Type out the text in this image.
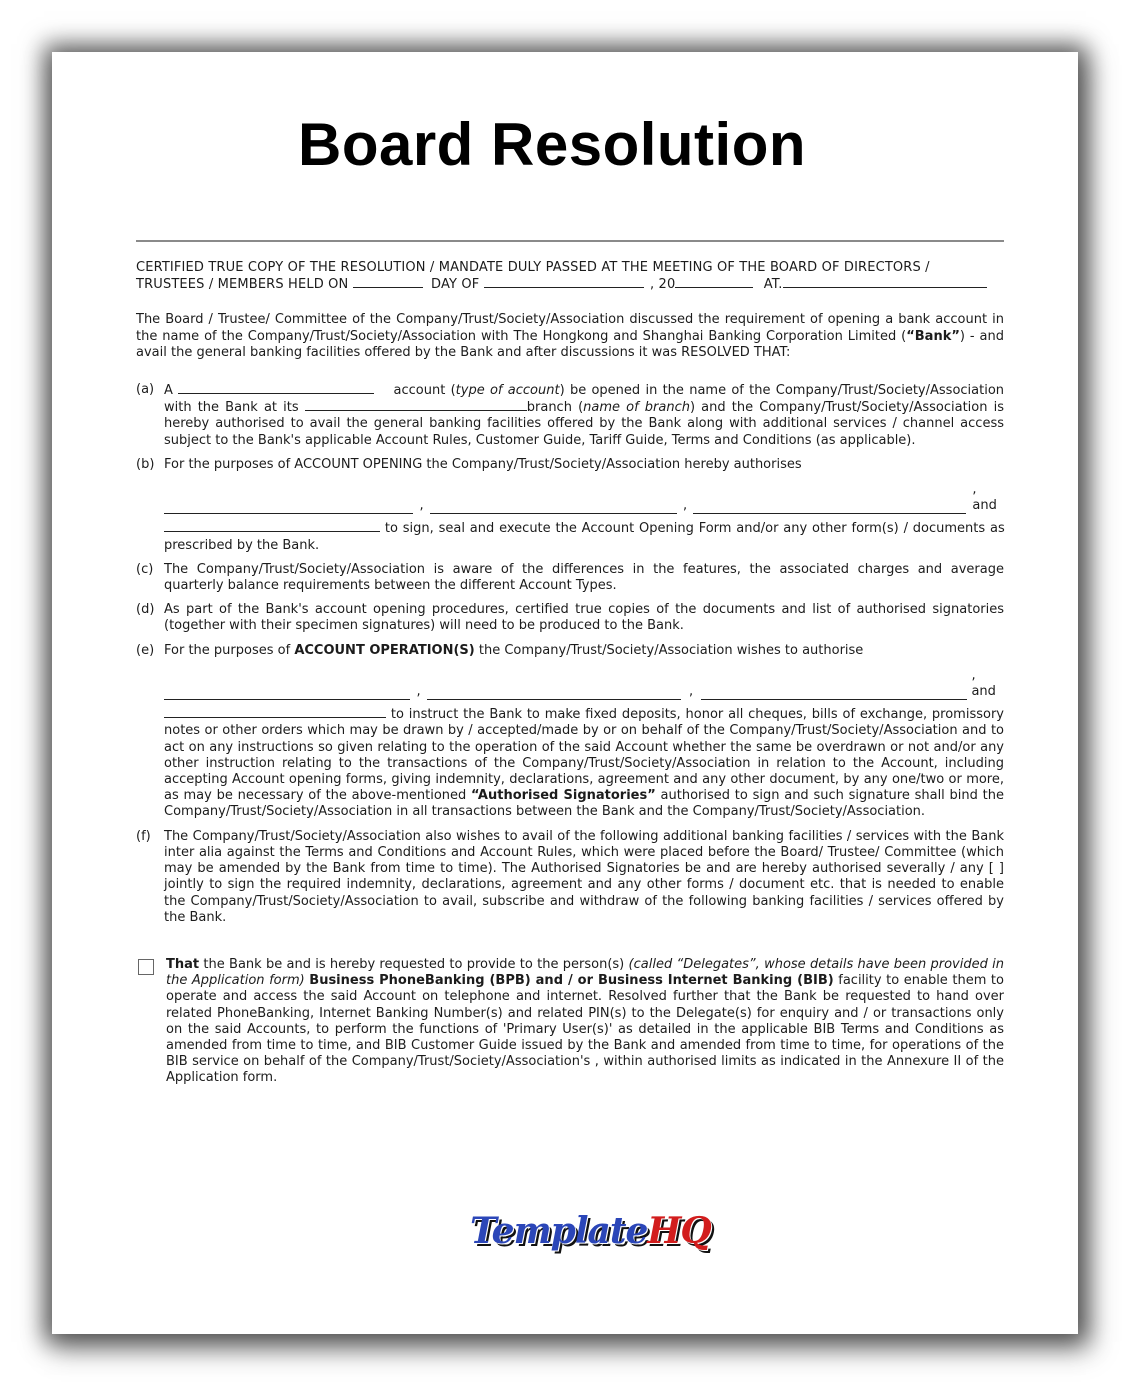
Board Resolution

CERTIFIED TRUE COPY OF THE RESOLUTION / MANDATE DULY PASSED AT THE MEETING OF THE BOARD OF DIRECTORS /

TRUSTEES / MEMBERS HELD ON	DAY OF	, 20	AT.

The Board / Trustee/ Committee of the Company/Trust/Society/Association discussed the requirement of opening a bank account in the name of the Company/Trust/Society/Association with The Hongkong and Shanghai Banking Corporation Limited (“Bank”) - and avail the general banking facilities offered by the Bank and after discussions it was RESOLVED THAT:

(a) A	account (type of account) be opened in the name of the Company/Trust/Society/Association with the Bank at its	branch (name of branch) and the Company/Trust/Society/Association is hereby authorised to avail the general banking facilities offered by the Bank along with additional services / channel access subject to the Bank's applicable Account Rules, Customer Guide, Tariff Guide, Terms and Conditions (as applicable).
(b) For the purposes of ACCOUNT OPENING the Company/Trust/Society/Association hereby authorises
,	,
, and
to sign, seal and execute the Account Opening Form and/or any other form(s) / documents as prescribed by the Bank.
(c) The Company/Trust/Society/Association is aware of the differences in the features, the associated charges and average quarterly balance requirements between the different Account Types.
(d) As part of the Bank's account opening procedures, certified true copies of the documents and list of authorised signatories (together with their specimen signatures) will need to be produced to the Bank.
(e) For the purposes of ACCOUNT OPERATION(S) the Company/Trust/Society/Association wishes to authorise
,	,
, and
to instruct the Bank to make fixed deposits, honor all cheques, bills of exchange, promissory notes or other orders which may be drawn by / accepted/made by or on behalf of the Company/Trust/Society/Association and to act on any instructions so given relating to the operation of the said Account whether the same be overdrawn or not and/or any other instruction relating to the transactions of the Company/Trust/Society/Association in relation to the Account, including accepting Account opening forms, giving indemnity, declarations, agreement and any other document, by any one/two or more, as may be necessary of the above-mentioned “Authorised Signatories” authorised to sign and such signature shall bind the Company/Trust/Society/Association in all transactions between the Bank and the Company/Trust/Society/Association.
(f)	The Company/Trust/Society/Association also wishes to avail of the following additional banking facilities / services with the Bank inter alia against the Terms and Conditions and Account Rules, which were placed before the Board/ Trustee/ Committee (which may be amended by the Bank from time to time). The Authorised Signatories be and are hereby authorised severally / any [ ] jointly to sign the required indemnity, declarations, agreement and any other forms / document etc. that is needed to enable the Company/Trust/Society/Association to avail, subscribe and withdraw of the following banking facilities / services offered by the Bank.
That the Bank be and is hereby requested to provide to the person(s) (called “Delegates”, whose details have been provided in the Application form) Business PhoneBanking (BPB) and / or Business Internet Banking (BIB) facility to enable them to operate and access the said Account on telephone and internet. Resolved further that the Bank be requested to hand over related PhoneBanking, Internet Banking Number(s) and related PIN(s) to the Delegate(s) for enquiry and / or transactions only on the said Accounts, to perform the functions of 'Primary User(s)' as detailed in the applicable BIB Terms and Conditions as amended from time to time, and BIB Customer Guide issued by the Bank and amended from time to time, for operations of the BIB service on behalf of the Company/Trust/Society/Association's , within authorised limits as indicated in the Annexure II of the Application form.
TemplateHQ
